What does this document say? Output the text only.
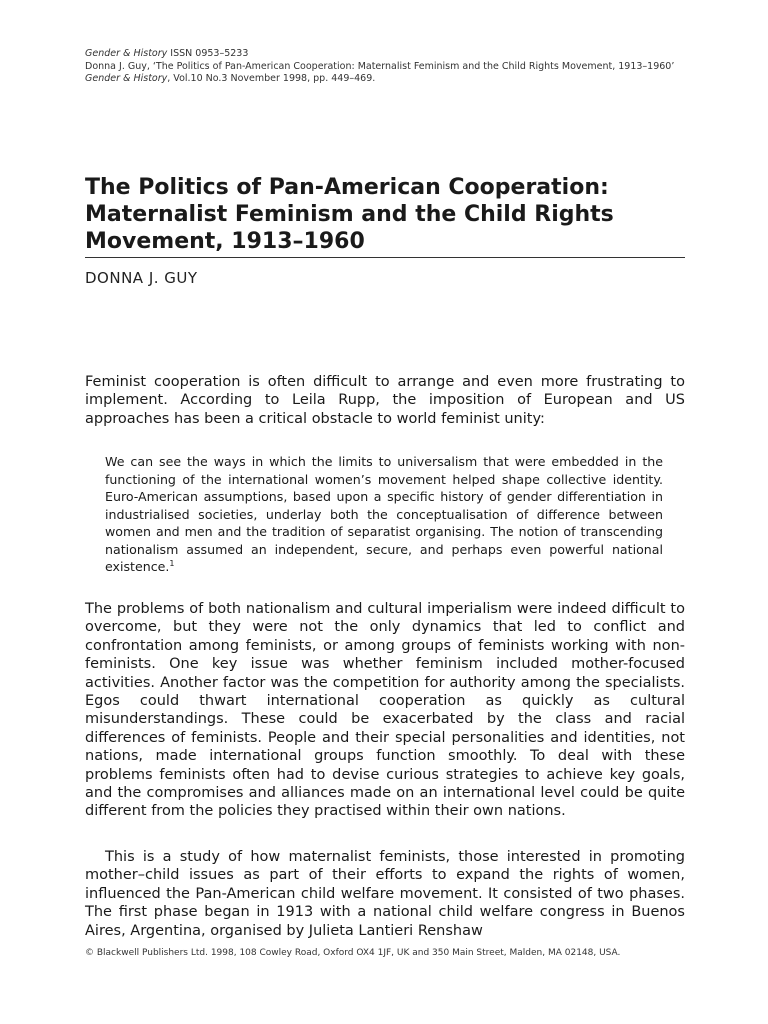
Gender & History ISSN 0953–5233
Donna J. Guy, ‘The Politics of Pan-American Cooperation: Maternalist Feminism and the Child Rights Movement, 1913–1960’
Gender & History, Vol.10 No.3 November 1998, pp. 449–469.
The Politics of Pan-American Cooperation: Maternalist Feminism and the Child Rights Movement, 1913–1960
DONNA J. GUY

Feminist cooperation is often difficult to arrange and even more frustrating to implement. According to Leila Rupp, the imposition of European and US approaches has been a critical obstacle to world feminist unity:

We can see the ways in which the limits to universalism that were embedded in the functioning of the international women’s movement helped shape collective identity. Euro-American assumptions, based upon a specific history of gender differentiation in industrialised societies, underlay both the conceptualisation of difference between women and men and the tradition of separatist organising. The notion of transcending nationalism assumed an independent, secure, and perhaps even powerful national existence.$^1$

The problems of both nationalism and cultural imperialism were indeed difficult to overcome, but they were not the only dynamics that led to conflict and confrontation among feminists, or among groups of feminists working with non-feminists. One key issue was whether feminism included mother-focused activities. Another factor was the competition for authority among the specialists. Egos could thwart international cooperation as quickly as cultural misunderstandings. These could be exacerbated by the class and racial differences of feminists. People and their special personalities and identities, not nations, made international groups function smoothly. To deal with these problems feminists often had to devise curious strategies to achieve key goals, and the compromises and alliances made on an international level could be quite different from the policies they practised within their own nations.

This is a study of how maternalist feminists, those interested in promoting mother–child issues as part of their efforts to expand the rights of women, influenced the Pan-American child welfare movement. It consisted of two phases. The first phase began in 1913 with a national child welfare congress in Buenos Aires, Argentina, organised by Julieta Lantieri Renshaw

© Blackwell Publishers Ltd. 1998, 108 Cowley Road, Oxford OX4 1JF, UK and 350 Main Street, Malden, MA 02148, USA.
